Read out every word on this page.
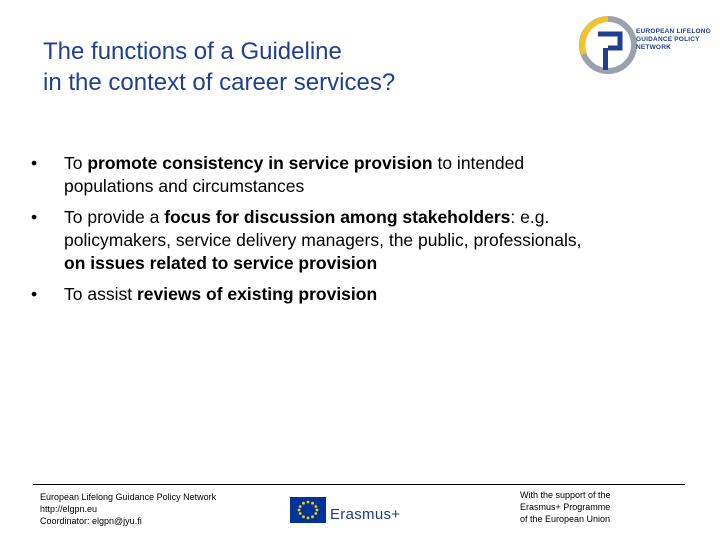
The functions of a Guideline
in the context of career services?
EUROPEAN LIFELONG
GUIDANCE POLICY
NETWORK
• To promote consistency in service provision to intended populations and circumstances
• To provide a focus for discussion among stakeholders: e.g. policymakers, service delivery managers, the public, professionals, on issues related to service provision
• To assist reviews of existing provision
European Lifelong Guidance Policy Network
http://elgpn.eu
Coordinator: elgpn@jyu.fi	Erasmus+
With the support of the
Erasmus+ Programme
of the European Union
